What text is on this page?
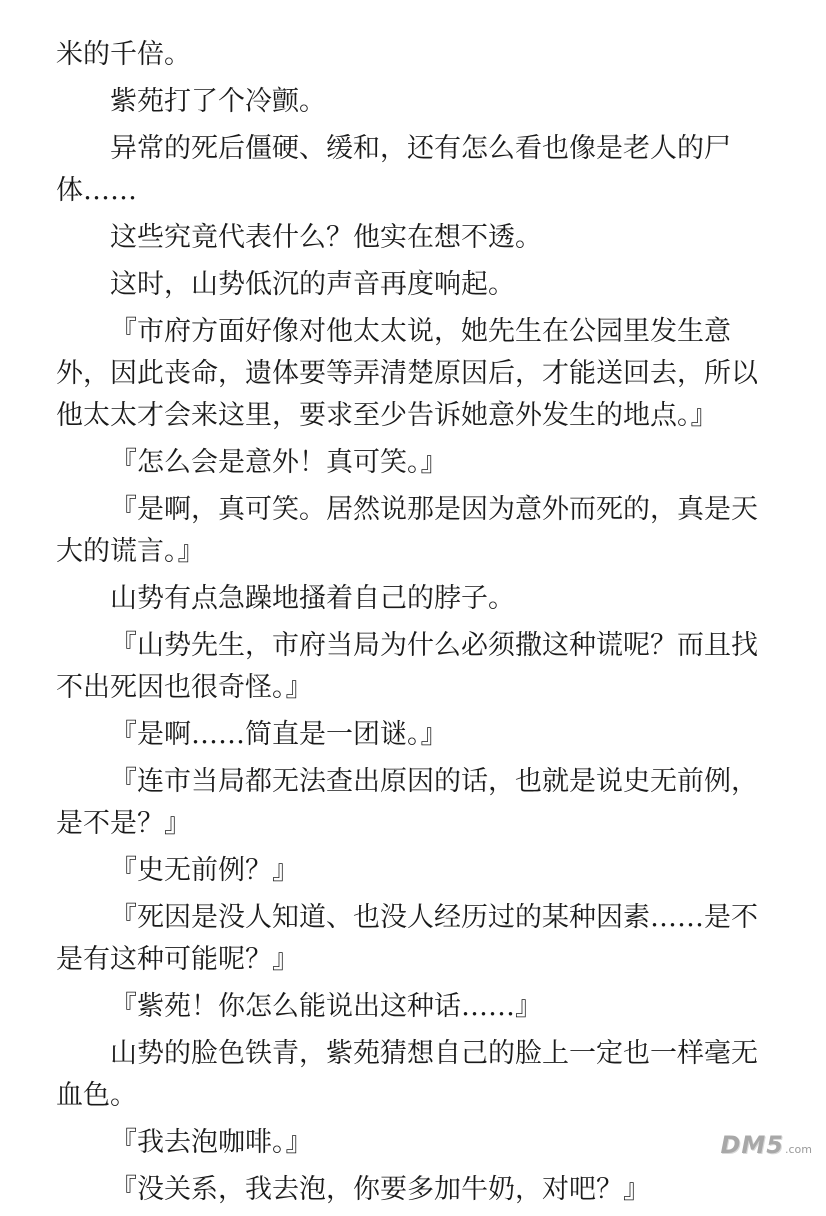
米的千倍。

紫苑打了个冷颤。

异常的死后僵硬、缓和，还有怎么看也像是老人的尸体……

这些究竟代表什么？他实在想不透。

这时，山势低沉的声音再度响起。

『市府方面好像对他太太说，她先生在公园里发生意外，因此丧命，遗体要等弄清楚原因后，才能送回去，所以他太太才会来这里，要求至少告诉她意外发生的地点。』

『怎么会是意外！真可笑。』

『是啊，真可笑。居然说那是因为意外而死的，真是天大的谎言。』

山势有点急躁地搔着自己的脖子。

『山势先生，市府当局为什么必须撒这种谎呢？而且找不出死因也很奇怪。』

『是啊……简直是一团谜。』

『连市当局都无法查出原因的话，也就是说史无前例，是不是？』

『史无前例？』

『死因是没人知道、也没人经历过的某种因素……是不是有这种可能呢？』

『紫苑！你怎么能说出这种话……』

山势的脸色铁青，紫苑猜想自己的脸上一定也一样毫无血色。

『我去泡咖啡。』

『没关系，我去泡，你要多加牛奶，对吧？』

DM5 .com
